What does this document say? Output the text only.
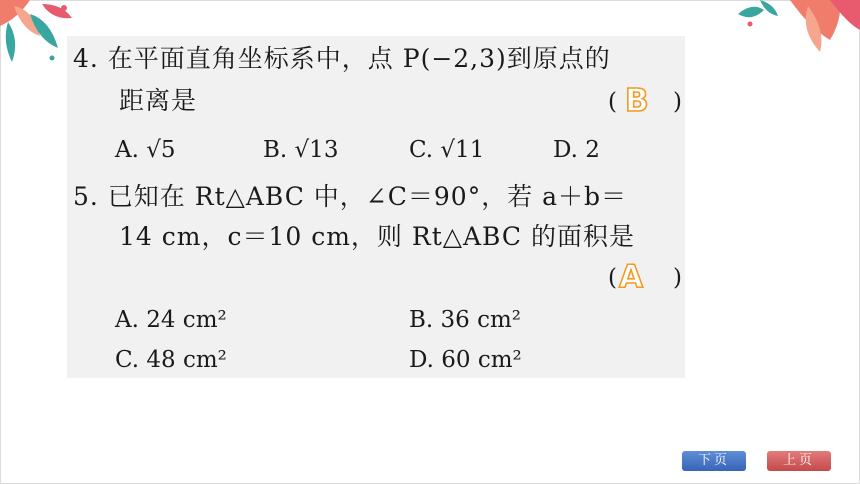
4. 在平面直角坐标系中，点 P(−2,3)到原点的
距离是	( B )
A. √5	B. √13	C. √11	D. 2
5. 已知在 Rt△ABC 中，∠C＝90°，若 a＋b＝
14 cm，c＝10 cm，则 Rt△ABC 的面积是
( A )
A. 24 cm²	B. 36 cm²
C. 48 cm²	D. 60 cm²
下页	上页
